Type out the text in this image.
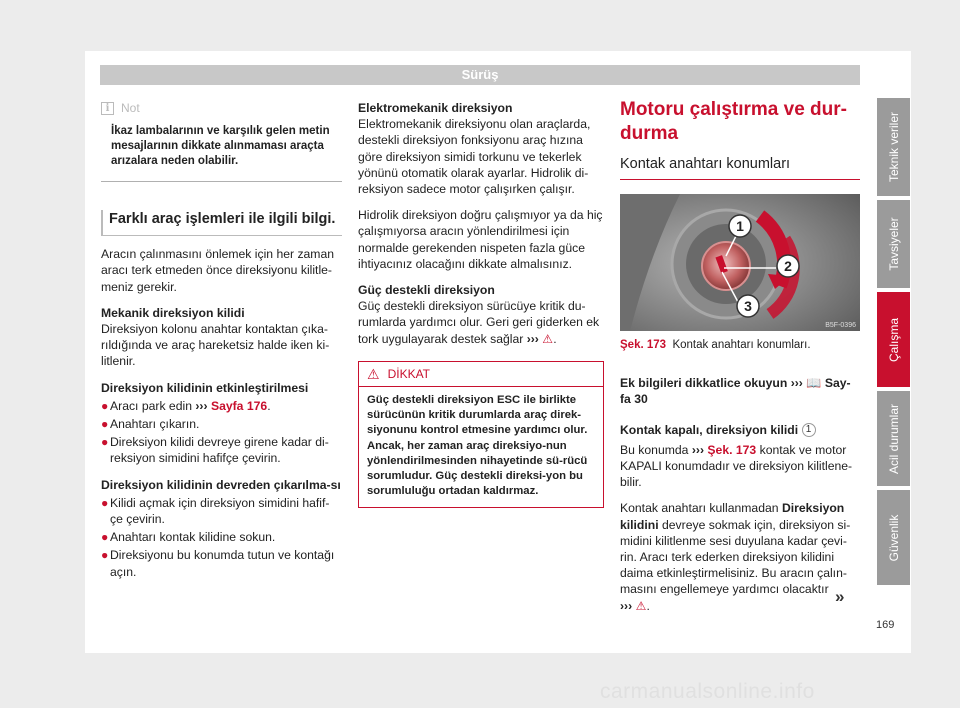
Sürüş
i Not
İkaz lambalarının ve karşılık gelen metin mesajlarının dikkate alınmaması araçta arızalara neden olabilir.
Farklı araç işlemleri ile ilgili bilgi.

Aracın çalınmasını önlemek için her zaman aracı terk etmeden önce direksiyonu kilitle-meniz gerekir.

Mekanik direksiyon kilidi

Direksiyon kolonu anahtar kontaktan çıka-rıldığında ve araç hareketsiz halde iken ki-litlenir.

Direksiyon kilidinin etkinleştirilmesi

● Aracı park edin ››› Sayfa 176.
● Anahtarı çıkarın.
● Direksiyon kilidi devreye girene kadar di-reksiyon simidini hafifçe çevirin.

Direksiyon kilidinin devreden çıkarılma-sı

● Kilidi açmak için direksiyon simidini hafif-çe çevirin.
● Anahtarı kontak kilidine sokun.
● Direksiyonu bu konumda tutun ve kontağı açın.
Elektromekanik direksiyon
Elektromekanik direksiyonu olan araçlarda, destekli direksiyon fonksiyonu araç hızına göre direksiyon simidi torkunu ve tekerlek yönünü otomatik olarak ayarlar. Hidrolik di-reksiyon sadece motor çalışırken çalışır.

Hidrolik direksiyon doğru çalışmıyor ya da hiç çalışmıyorsa aracın yönlendirilmesi için normalde gerekenden nispeten fazla güce ihtiyacınız olacağını dikkate almalısınız.

Güç destekli direksiyon

Güç destekli direksiyon sürücüye kritik du-rumlarda yardımcı olur. Geri geri giderken ek tork uygulayarak destek sağlar ››› ⚠.
⚠ DİKKAT
Güç destekli direksiyon ESC ile birlikte sürücünün kritik durumlarda araç direk-siyonunu kontrol etmesine yardımcı olur. Ancak, her zaman araç direksiyo-nun yönlendirilmesinden nihayetinde sü-rücü sorumludur. Güç destekli direksi-yon bu sorumluluğu ortadan kaldırmaz.
Motoru çalıştırma ve dur-durma
Kontak anahtarı konumları
1
2
3
B5F-0396
Şek. 173 Kontak anahtarı konumları.

Ek bilgileri dikkatlice okuyun ››› 📖 Say-fa 30

Kontak kapalı, direksiyon kilidi 1

Bu konumda ››› Şek. 173 kontak ve motor KAPALI konumdadır ve direksiyon kilitlene-bilir.

Kontak anahtarı kullanmadan Direksiyon kilidini devreye sokmak için, direksiyon si-midini kilitlenme sesi duyulana kadar çevi-rin. Aracı terk ederken direksiyon kilidini daima etkinleştirmelisiniz. Bu aracın çalın-masını engellemeye yardımcı olacaktır
››› ⚠.

Teknik veriler
Tavsiyeler
Çalışma
Acil durumlar
Güvenlik
»
169
carmanualsonline.info
